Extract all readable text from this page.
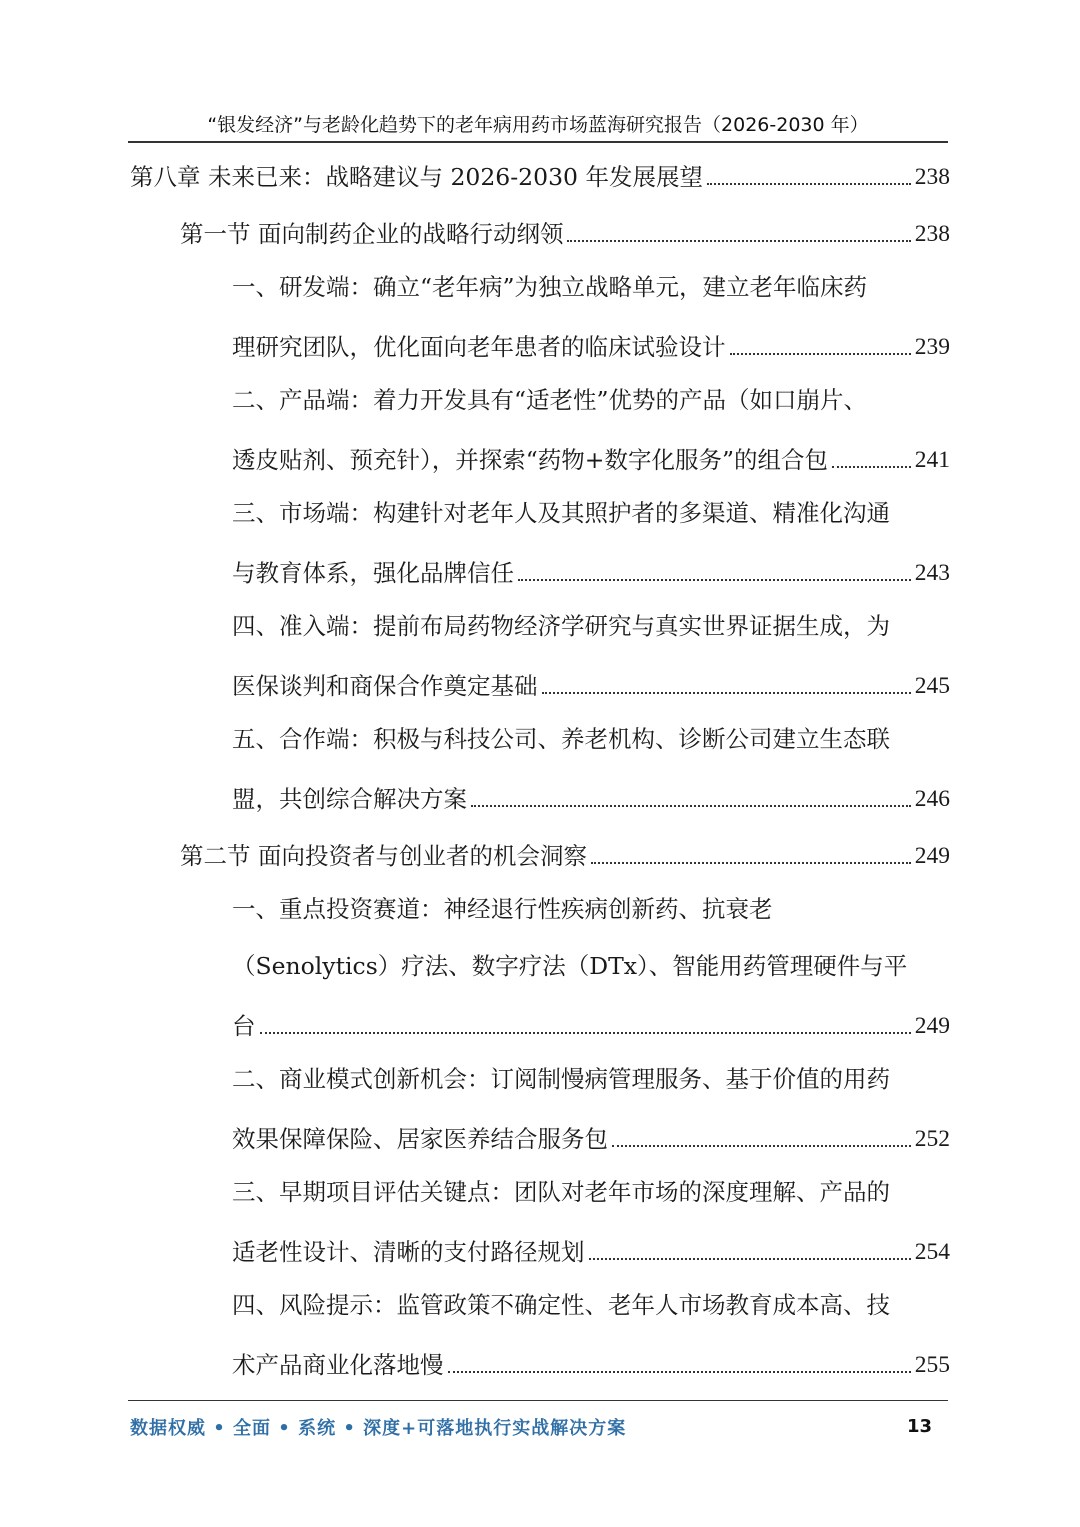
“银发经济”与老龄化趋势下的老年病用药市场蓝海研究报告（2026-2030 年）
第八章 未来已来：战略建议与 2026-2030 年发展展望	238
第一节 面向制药企业的战略行动纲领	238
一、研发端：确立“老年病”为独立战略单元，建立老年临床药
理研究团队，优化面向老年患者的临床试验设计	239
二、产品端：着力开发具有“适老性”优势的产品（如口崩片、
透皮贴剂、预充针），并探索“药物+数字化服务”的组合包	241
三、市场端：构建针对老年人及其照护者的多渠道、精准化沟通
与教育体系，强化品牌信任	243
四、准入端：提前布局药物经济学研究与真实世界证据生成，为
医保谈判和商保合作奠定基础	245
五、合作端：积极与科技公司、养老机构、诊断公司建立生态联
盟，共创综合解决方案	246
第二节 面向投资者与创业者的机会洞察	249
一、重点投资赛道：神经退行性疾病创新药、抗衰老
（Senolytics）疗法、数字疗法（DTx）、智能用药管理硬件与平
台	249
二、商业模式创新机会：订阅制慢病管理服务、基于价值的用药
效果保障保险、居家医养结合服务包	252
三、早期项目评估关键点：团队对老年市场的深度理解、产品的
适老性设计、清晰的支付路径规划	254
四、风险提示：监管政策不确定性、老年人市场教育成本高、技
术产品商业化落地慢	255
数据权威 • 全面 • 系统 • 深度+可落地执行实战解决方案	13
